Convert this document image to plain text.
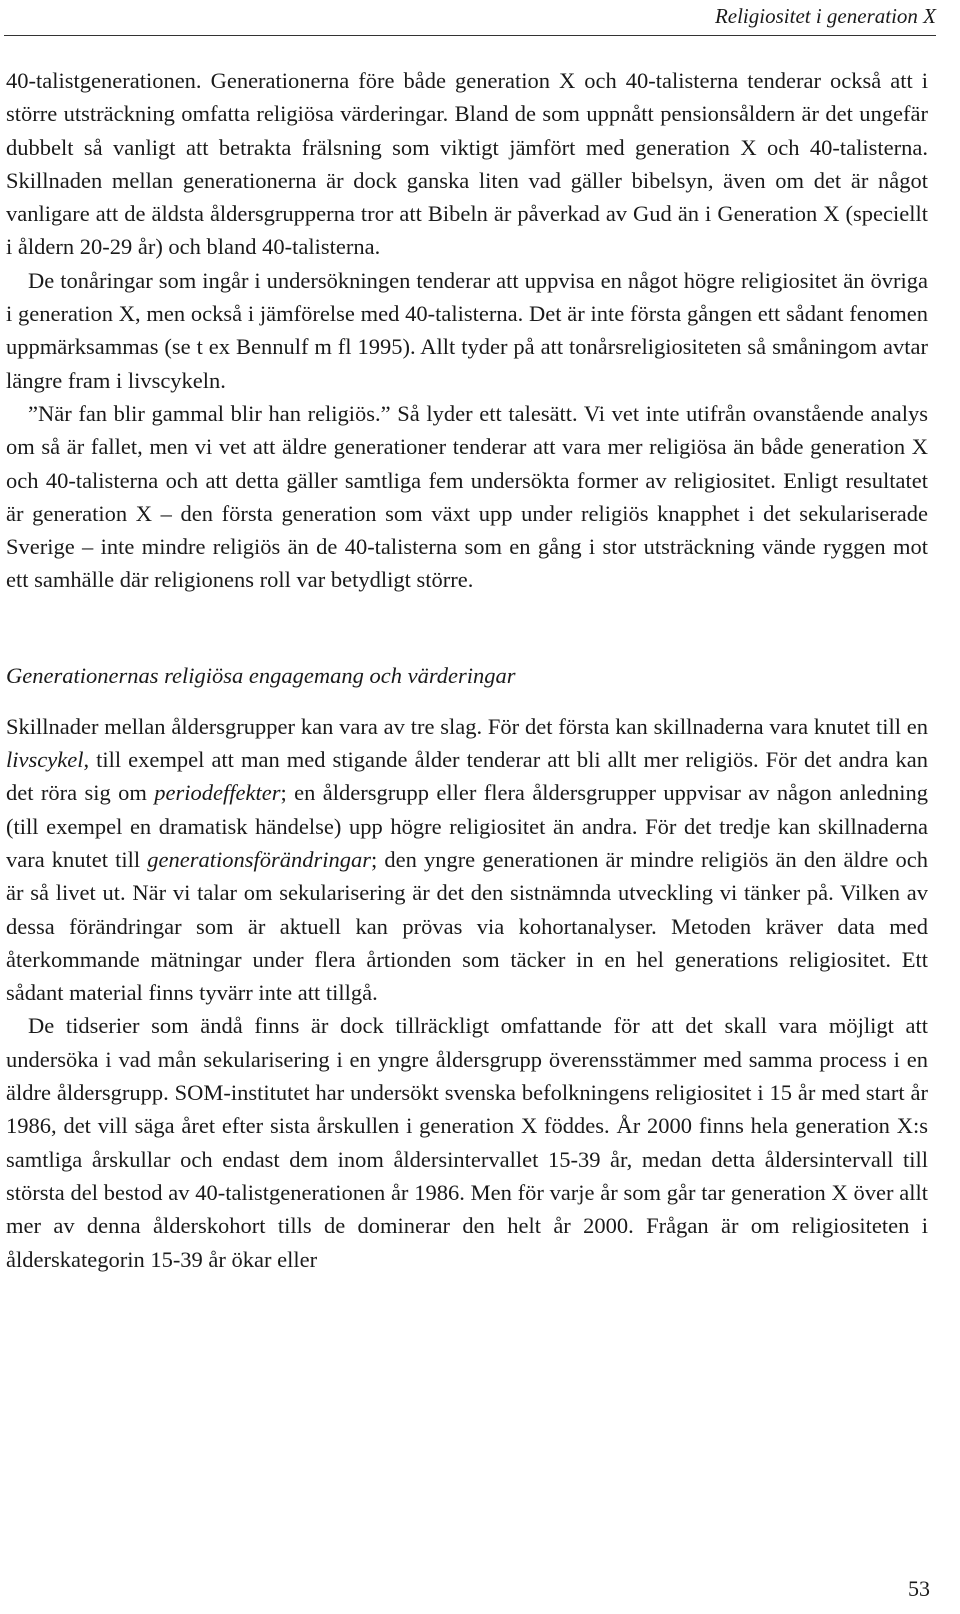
Religiositet i generation X

40-talistgenerationen. Generationerna före både generation X och 40-talisterna tenderar också att i större utsträckning omfatta religiösa värderingar. Bland de som uppnått pensionsåldern är det ungefär dubbelt så vanligt att betrakta frälsning som viktigt jämfört med generation X och 40-talisterna. Skillnaden mellan generationerna är dock ganska liten vad gäller bibelsyn, även om det är något vanligare att de äldsta åldersgrupperna tror att Bibeln är påverkad av Gud än i Generation X (speciellt i åldern 20-29 år) och bland 40-talisterna.

De tonåringar som ingår i undersökningen tenderar att uppvisa en något högre religiositet än övriga i generation X, men också i jämförelse med 40-talisterna. Det är inte första gången ett sådant fenomen uppmärksammas (se t ex Bennulf m fl 1995). Allt tyder på att tonårsreligiositeten så småningom avtar längre fram i livscykeln.

”När fan blir gammal blir han religiös.” Så lyder ett talesätt. Vi vet inte utifrån ovanstående analys om så är fallet, men vi vet att äldre generationer tenderar att vara mer religiösa än både generation X och 40-talisterna och att detta gäller samtliga fem undersökta former av religiositet. Enligt resultatet är generation X – den första generation som växt upp under religiös knapphet i det sekulariserade Sverige – inte mindre religiös än de 40-talisterna som en gång i stor utsträckning vände ryggen mot ett samhälle där religionens roll var betydligt större.

Generationernas religiösa engagemang och värderingar

Skillnader mellan åldersgrupper kan vara av tre slag. För det första kan skillnaderna vara knutet till en livscykel, till exempel att man med stigande ålder tenderar att bli allt mer religiös. För det andra kan det röra sig om periodeffekter; en åldersgrupp eller flera åldersgrupper uppvisar av någon anledning (till exempel en dramatisk händelse) upp högre religiositet än andra. För det tredje kan skillnaderna vara knutet till generationsförändringar; den yngre generationen är mindre religiös än den äldre och är så livet ut. När vi talar om sekularisering är det den sistnämnda utveckling vi tänker på. Vilken av dessa förändringar som är aktuell kan prövas via kohortanalyser. Metoden kräver data med återkommande mätningar under flera årtionden som täcker in en hel generations religiositet. Ett sådant material finns tyvärr inte att tillgå.

De tidserier som ändå finns är dock tillräckligt omfattande för att det skall vara möjligt att undersöka i vad mån sekularisering i en yngre åldersgrupp överensstämmer med samma process i en äldre åldersgrupp. SOM-institutet har undersökt svenska befolkningens religiositet i 15 år med start år 1986, det vill säga året efter sista årskullen i generation X föddes. År 2000 finns hela generation X:s samtliga årskullar och endast dem inom åldersintervallet 15-39 år, medan detta åldersintervall till största del bestod av 40-talistgenerationen år 1986. Men för varje år som går tar generation X över allt mer av denna ålderskohort tills de dominerar den helt år 2000. Frågan är om religiositeten i ålderskategorin 15-39 år ökar eller

53
